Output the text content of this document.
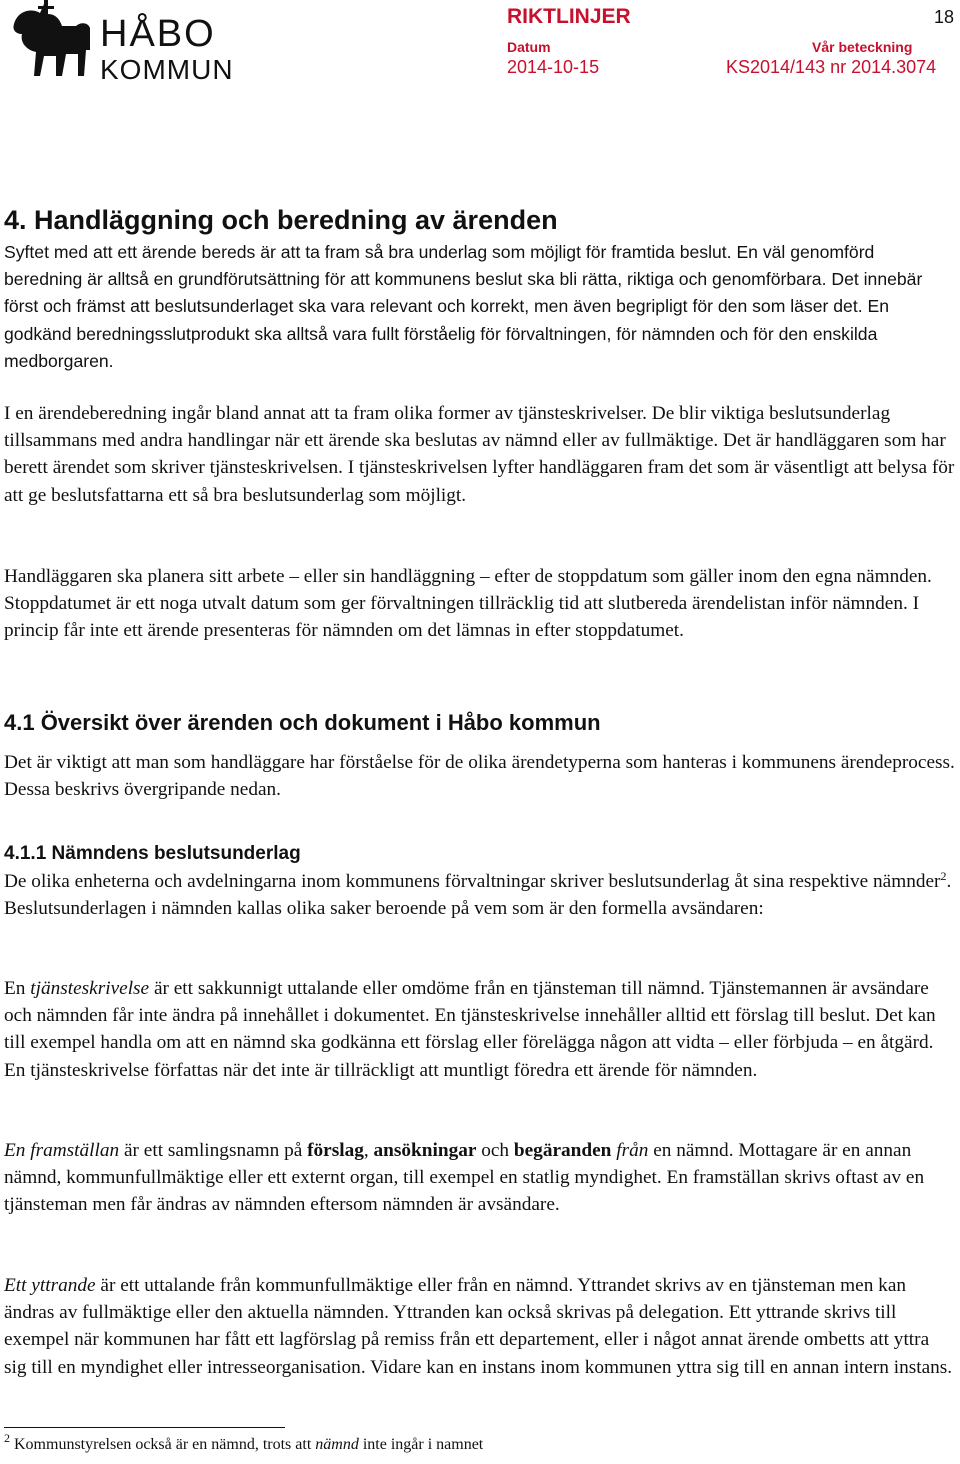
HÅBO
KOMMUN
RIKTLINJER	18
Datum	Vår beteckning
2014-10-15	KS2014/143 nr 2014.3074
4. Handläggning och beredning av ärenden

Syftet med att ett ärende bereds är att ta fram så bra underlag som möjligt för framtida beslut. En väl genomförd beredning är alltså en grundförutsättning för att kommunens beslut ska bli rätta, riktiga och genomförbara. Det innebär först och främst att beslutsunderlaget ska vara relevant och korrekt, men även begripligt för den som läser det. En godkänd beredningsslutprodukt ska alltså vara fullt förståelig för förvaltningen, för nämnden och för den enskilda medborgaren.

I en ärendeberedning ingår bland annat att ta fram olika former av tjänsteskrivelser. De blir viktiga beslutsunderlag tillsammans med andra handlingar när ett ärende ska beslutas av nämnd eller av fullmäktige. Det är handläggaren som har berett ärendet som skriver tjänsteskrivelsen. I tjänsteskrivelsen lyfter handläggaren fram det som är väsentligt att belysa för att ge beslutsfattarna ett så bra beslutsunderlag som möjligt.

Handläggaren ska planera sitt arbete – eller sin handläggning – efter de stoppdatum som gäller inom den egna nämnden. Stoppdatumet är ett noga utvalt datum som ger förvaltningen tillräcklig tid att slutbereda ärendelistan inför nämnden. I princip får inte ett ärende presenteras för nämnden om det lämnas in efter stoppdatumet.

4.1 Översikt över ärenden och dokument i Håbo kommun

Det är viktigt att man som handläggare har förståelse för de olika ärendetyperna som hanteras i kommunens ärendeprocess. Dessa beskrivs övergripande nedan.

4.1.1 Nämndens beslutsunderlag

De olika enheterna och avdelningarna inom kommunens förvaltningar skriver beslutsunderlag åt sina respektive nämnder$^2$. Beslutsunderlagen i nämnden kallas olika saker beroende på vem som är den formella avsändaren:

En tjänsteskrivelse är ett sakkunnigt uttalande eller omdöme från en tjänsteman till nämnd. Tjänstemannen är avsändare och nämnden får inte ändra på innehållet i dokumentet. En tjänsteskrivelse innehåller alltid ett förslag till beslut. Det kan till exempel handla om att en nämnd ska godkänna ett förslag eller förelägga någon att vidta – eller förbjuda – en åtgärd. En tjänsteskrivelse författas när det inte är tillräckligt att muntligt föredra ett ärende för nämnden.

En framställan är ett samlingsnamn på förslag, ansökningar och begäranden från en nämnd. Mottagare är en annan nämnd, kommunfullmäktige eller ett externt organ, till exempel en statlig myndighet. En framställan skrivs oftast av en tjänsteman men får ändras av nämnden eftersom nämnden är avsändare.

Ett yttrande är ett uttalande från kommunfullmäktige eller från en nämnd. Yttrandet skrivs av en tjänsteman men kan ändras av fullmäktige eller den aktuella nämnden. Yttranden kan också skrivas på delegation. Ett yttrande skrivs till exempel när kommunen har fått ett lagförslag på remiss från ett departement, eller i något annat ärende ombetts att yttra sig till en myndighet eller intresseorganisation. Vidare kan en instans inom kommunen yttra sig till en annan intern instans.

$^2$ Kommunstyrelsen också är en nämnd, trots att nämnd inte ingår i namnet
